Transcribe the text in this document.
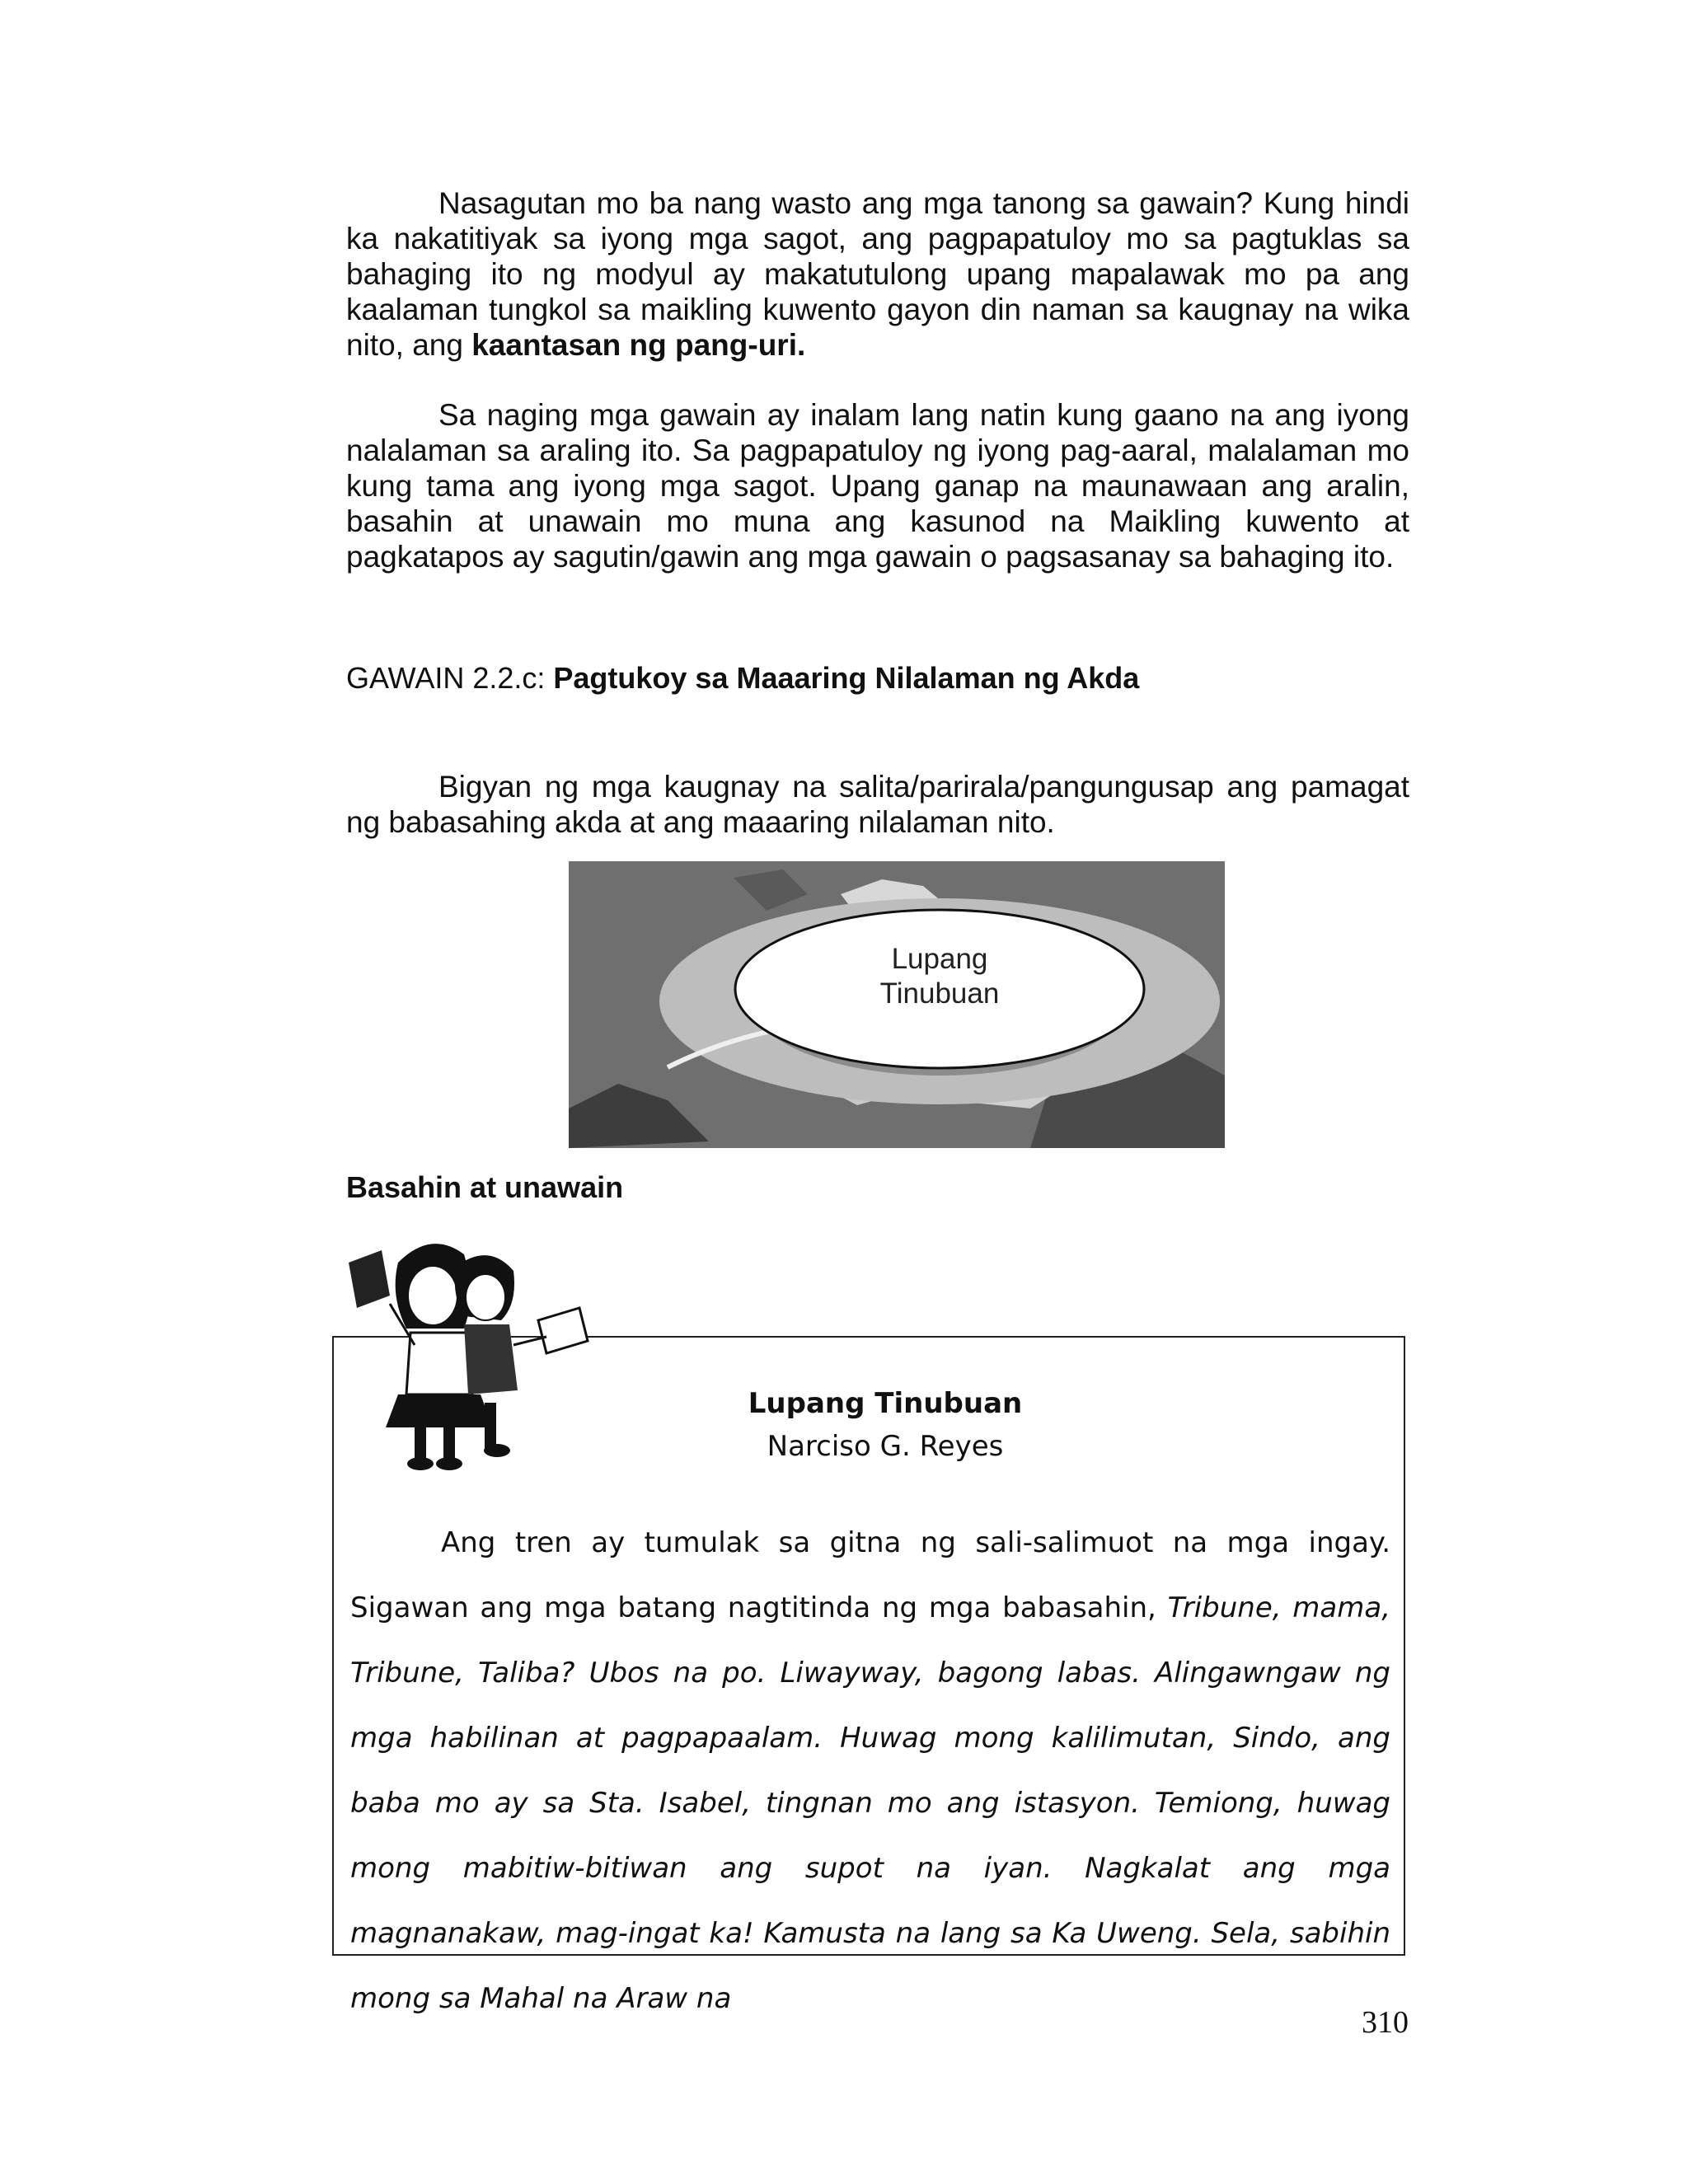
Nasagutan mo ba nang wasto ang mga tanong sa gawain? Kung hindi ka nakatitiyak sa iyong mga sagot, ang pagpapatuloy mo sa pagtuklas sa bahaging ito ng modyul ay makatutulong upang mapalawak mo pa ang kaalaman tungkol sa maikling kuwento gayon din naman sa kaugnay na wika nito, ang kaantasan ng pang-uri.

Sa naging mga gawain ay inalam lang natin kung gaano na ang iyong nalalaman sa araling ito. Sa pagpapatuloy ng iyong pag-aaral, malalaman mo kung tama ang iyong mga sagot. Upang ganap na maunawaan ang aralin, basahin at unawain mo muna ang kasunod na Maikling kuwento at pagkatapos ay sagutin/gawin ang mga gawain o pagsasanay sa bahaging ito.

GAWAIN 2.2.c: Pagtukoy sa Maaaring Nilalaman ng Akda

Bigyan ng mga kaugnay na salita/parirala/pangungusap ang pamagat ng babasahing akda at ang maaaring nilalaman nito.

Lupang
Tinubuan

Basahin at unawain

Lupang Tinubuan
Narciso G. Reyes

Ang tren ay tumulak sa gitna ng sali-salimuot na mga ingay. Sigawan ang mga batang nagtitinda ng mga babasahin, Tribune, mama, Tribune, Taliba? Ubos na po. Liwayway, bagong labas. Alingawngaw ng mga habilinan at pagpapaalam. Huwag mong kalilimutan, Sindo, ang baba mo ay sa Sta. Isabel, tingnan mo ang istasyon. Temiong, huwag mong mabitiw-bitiwan ang supot na iyan. Nagkalat ang mga magnanakaw, mag-ingat ka! Kamusta na lang sa Ka Uweng. Sela, sabihin mong sa Mahal na Araw na

310
